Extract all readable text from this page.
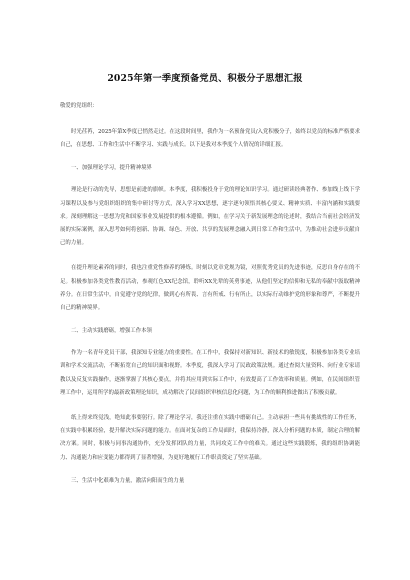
2025年第一季度预备党员、积极分子思想汇报
敬爱的党组织：

时光荏苒，2025年第X季度已悄然走过。在这段时间里，我作为一名预备党员/入党积极分子，始终以党员的标准严格要求自己，在思想、工作和生活中不断学习、实践与成长。以下是我对本季度个人情况的详细汇报。

一、加强理论学习，提升精神境界

理论是行动的先导，思想是前进的旗帜。本季度，我积极投身于党的理论知识学习。通过研读经典著作、参加线上线下学习课程以及参与党组织组织的集中研讨等方式，深入学习XX思想，逐字逐句领悟其核心要义、精神实质、丰富内涵和实践要求。深刻理解这一思想为党和国家事业发展提供的根本遵循。例如，在学习关于新发展理念的论述时，我结合当前社会经济发展的实际案例，深入思考如何将创新、协调、绿色、开放、共享的发展理念融入到日常工作和生活中，为推动社会进步贡献自己的力量。

在提升理论素养的同时，我也注重党性修养的锤炼。时刻以党章党规为镜，对照优秀党员的先进事迹，反思自身存在的不足。积极参加各类党性教育活动，参观红色XX纪念馆，聆听XX先辈的英勇事迹，从他们坚定的信仰和无私的奉献中汲取精神养分。在日常生活中，自觉遵守党的纪律，做到心有所畏、言有所戒、行有所止，以实际行动维护党的形象和尊严，不断提升自己的精神境界。

二、主动实践磨砺，增强工作本领

作为一名青年党员干部，我深知专业能力的重要性。在工作中，我保持对新知识、新技术的敏锐度，积极参加各类专业培训和学术交流活动，不断拓宽自己的知识面和视野。本季度，我深入学习了民政政策法规。通过查阅大量资料、向行业专家请教以及反复实践操作，逐渐掌握了其核心要点，并将其应用到实际工作中，有效提高了工作效率和质量。例如，在民间组织管理工作中，运用所学的最新政策理论知识，成功解决了民间组织审核信息化问题，为工作的顺利推进做出了积极贡献。

纸上得来终觉浅，绝知此事要躬行。除了理论学习，我还注重在实践中磨砺自己。主动承担一些具有挑战性的工作任务，在实践中积累经验，提升解决实际问题的能力。在面对复杂的工作局面时，我保持冷静，深入分析问题的本质，制定合理的解决方案。同时，积极与同事沟通协作，充分发挥团队的力量，共同攻克工作中的难关。通过这些实践锻炼，我的组织协调能力、沟通能力和应变能力都得到了显著增强，为更好地履行工作职责奠定了坚实基础。

三、生活中化艰难为力量，激活向阳而生的力量
